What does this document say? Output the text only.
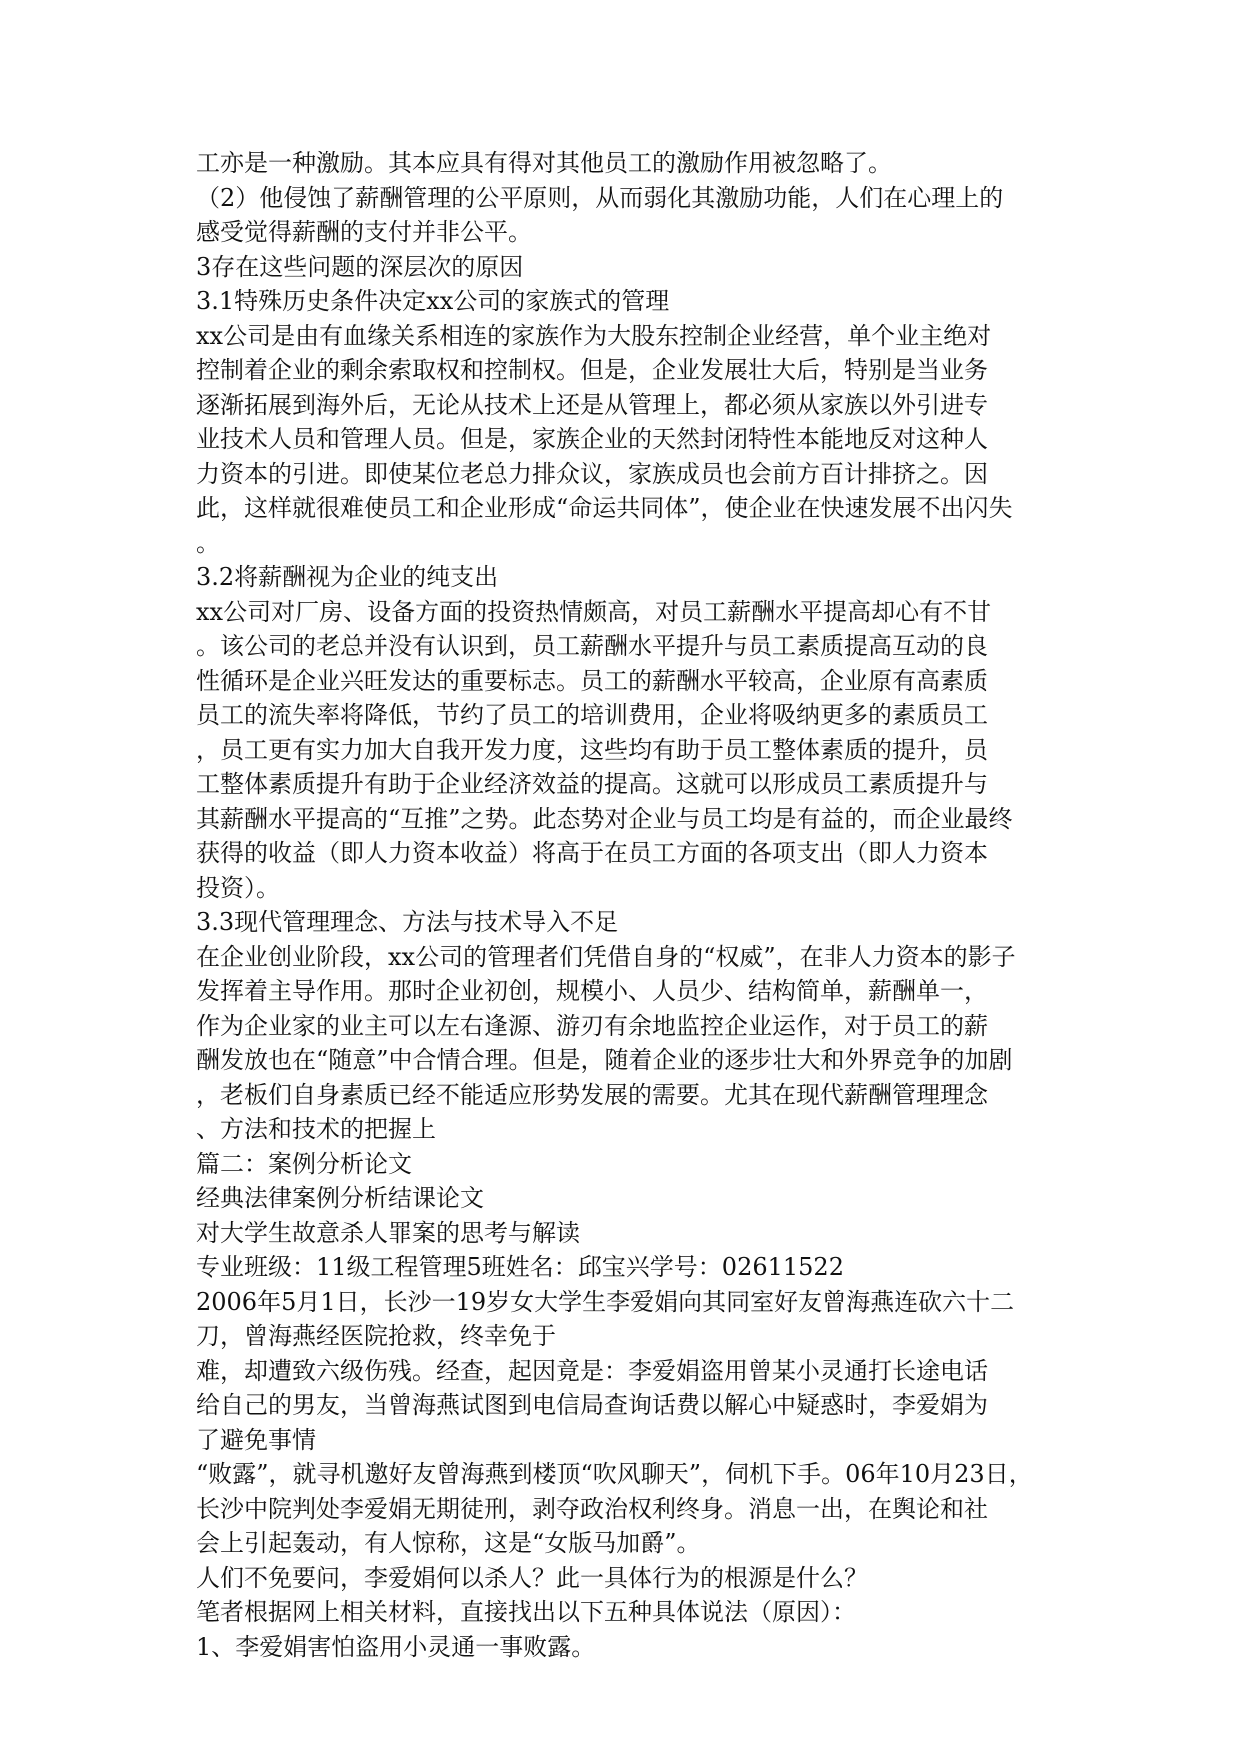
工亦是一种激励。其本应具有得对其他员工的激励作用被忽略了。
（2）他侵蚀了薪酬管理的公平原则，从而弱化其激励功能，人们在心理上的
感受觉得薪酬的支付并非公平。
3存在这些问题的深层次的原因
3.1特殊历史条件决定xx公司的家族式的管理
xx公司是由有血缘关系相连的家族作为大股东控制企业经营，单个业主绝对
控制着企业的剩余索取权和控制权。但是，企业发展壮大后，特别是当业务
逐渐拓展到海外后，无论从技术上还是从管理上，都必须从家族以外引进专
业技术人员和管理人员。但是，家族企业的天然封闭特性本能地反对这种人
力资本的引进。即使某位老总力排众议，家族成员也会前方百计排挤之。因
此，这样就很难使员工和企业形成“命运共同体”，使企业在快速发展不出闪失
。
3.2将薪酬视为企业的纯支出
xx公司对厂房、设备方面的投资热情颇高，对员工薪酬水平提高却心有不甘
。该公司的老总并没有认识到，员工薪酬水平提升与员工素质提高互动的良
性循环是企业兴旺发达的重要标志。员工的薪酬水平较高，企业原有高素质
员工的流失率将降低，节约了员工的培训费用，企业将吸纳更多的素质员工
，员工更有实力加大自我开发力度，这些均有助于员工整体素质的提升，员
工整体素质提升有助于企业经济效益的提高。这就可以形成员工素质提升与
其薪酬水平提高的“互推”之势。此态势对企业与员工均是有益的，而企业最终
获得的收益（即人力资本收益）将高于在员工方面的各项支出（即人力资本
投资）。
3.3现代管理理念、方法与技术导入不足
在企业创业阶段，xx公司的管理者们凭借自身的“权威”，在非人力资本的影子
发挥着主导作用。那时企业初创，规模小、人员少、结构简单，薪酬单一，
作为企业家的业主可以左右逢源、游刃有余地监控企业运作，对于员工的薪
酬发放也在“随意”中合情合理。但是，随着企业的逐步壮大和外界竞争的加剧
，老板们自身素质已经不能适应形势发展的需要。尤其在现代薪酬管理理念
、方法和技术的把握上
篇二：案例分析论文
经典法律案例分析结课论文
对大学生故意杀人罪案的思考与解读
专业班级：11级工程管理5班姓名：邱宝兴学号：02611522
2006年5月1日，长沙一19岁女大学生李爱娟向其同室好友曾海燕连砍六十二
刀，曾海燕经医院抢救，终幸免于
难，却遭致六级伤残。经查，起因竟是：李爱娟盗用曾某小灵通打长途电话
给自己的男友，当曾海燕试图到电信局查询话费以解心中疑惑时，李爱娟为
了避免事情
“败露”，就寻机邀好友曾海燕到楼顶“吹风聊天”，伺机下手。06年10月23日，
长沙中院判处李爱娟无期徒刑，剥夺政治权利终身。消息一出，在舆论和社
会上引起轰动，有人惊称，这是“女版马加爵”。
人们不免要问，李爱娟何以杀人？此一具体行为的根源是什么？
笔者根据网上相关材料，直接找出以下五种具体说法（原因）：
1、李爱娟害怕盗用小灵通一事败露。
